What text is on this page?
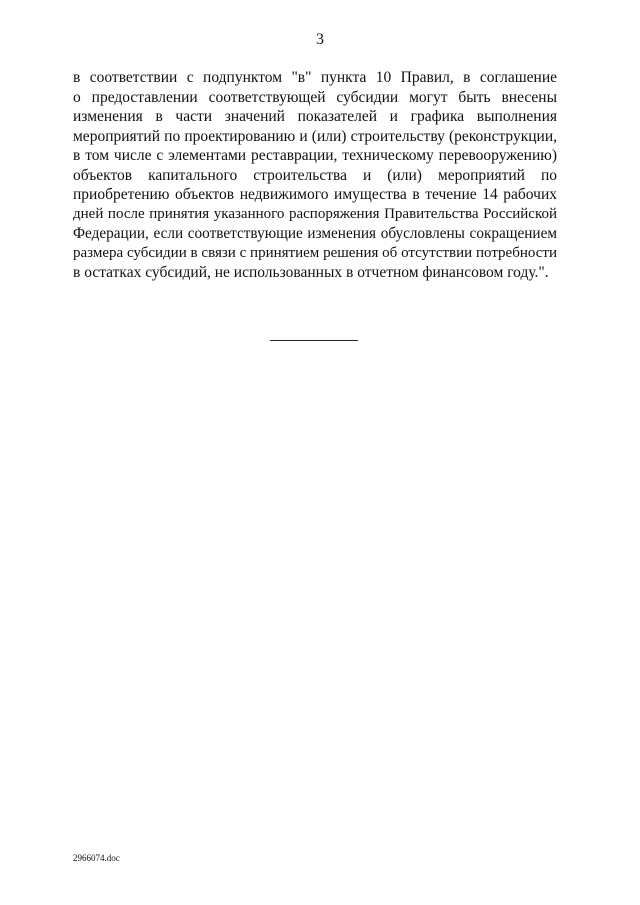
3
в соответствии с подпунктом "в" пункта 10 Правил, в соглашение
о предоставлении соответствующей субсидии могут быть внесены
изменения в части значений показателей и графика выполнения
мероприятий по проектированию и (или) строительству (реконструкции,
в том числе с элементами реставрации, техническому перевооружению)
объектов капитального строительства и (или) мероприятий по
приобретению объектов недвижимого имущества в течение 14 рабочих
дней после принятия указанного распоряжения Правительства Российской
Федерации, если соответствующие изменения обусловлены сокращением
размера субсидии в связи с принятием решения об отсутствии потребности
в остатках субсидий, не использованных в отчетном финансовом году.".
2966074.doc
